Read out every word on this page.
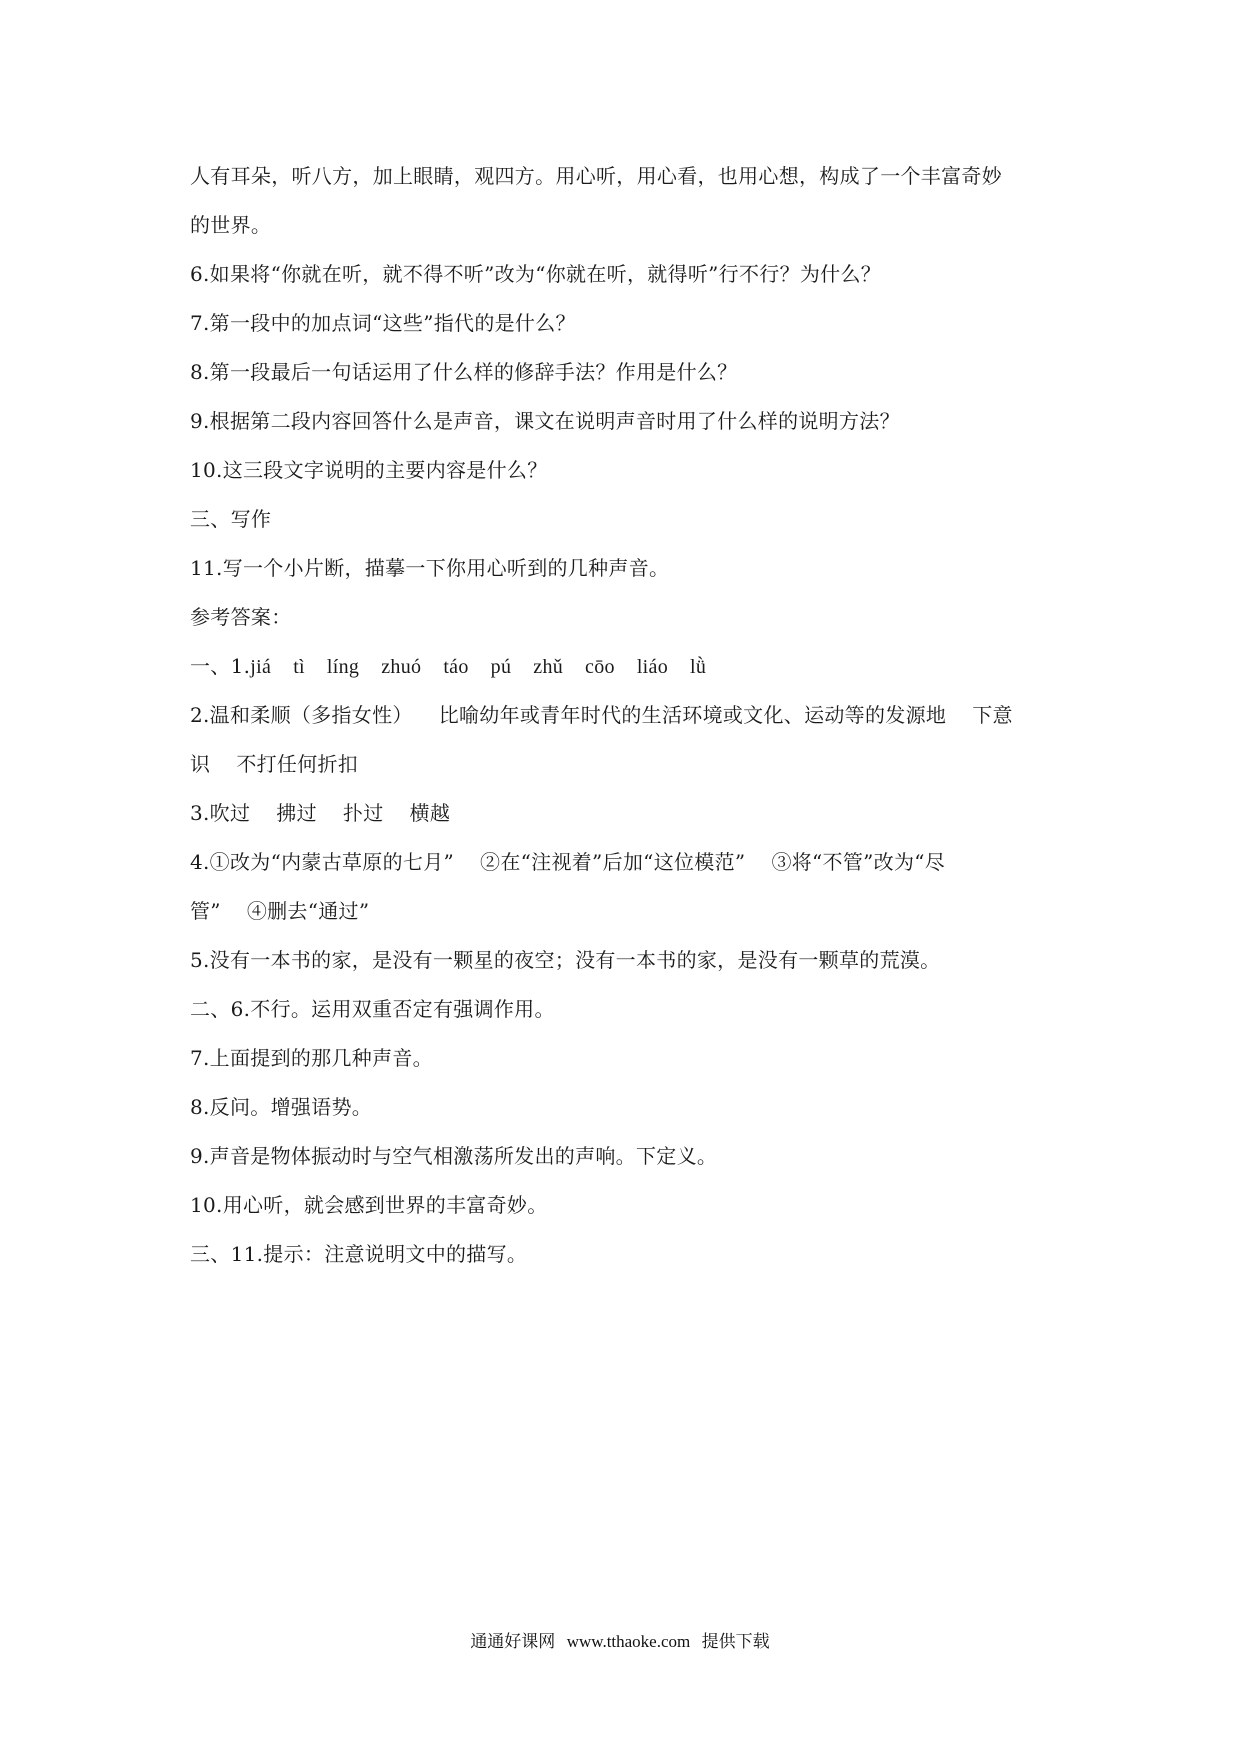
人有耳朵，听八方，加上眼睛，观四方。用心听，用心看，也用心想，构成了一个丰富奇妙
的世界。
6.如果将“你就在听，就不得不听”改为“你就在听，就得听”行不行？为什么？
7.第一段中的加点词“这些”指代的是什么？
8.第一段最后一句话运用了什么样的修辞手法？作用是什么？
9.根据第二段内容回答什么是声音，课文在说明声音时用了什么样的说明方法？
10.这三段文字说明的主要内容是什么？
三、写作
11.写一个小片断，描摹一下你用心听到的几种声音。
参考答案：
一、1.jiá tì líng zhuó táo pú zhǔ cōo liáo lǜ
2.温和柔顺（多指女性） 比喻幼年或青年时代的生活环境或文化、运动等的发源地 下意
识 不打任何折扣
3.吹过 拂过 扑过 横越
4.①改为“内蒙古草原的七月” ②在“注视着”后加“这位模范” ③将“不管”改为“尽
管” ④删去“通过”
5.没有一本书的家，是没有一颗星的夜空；没有一本书的家，是没有一颗草的荒漠。
二、6.不行。运用双重否定有强调作用。
7.上面提到的那几种声音。
8.反问。增强语势。
9.声音是物体振动时与空气相激荡所发出的声响。下定义。
10.用心听，就会感到世界的丰富奇妙。
三、11.提示：注意说明文中的描写。
通通好课网 www.tthaoke.com 提供下载
